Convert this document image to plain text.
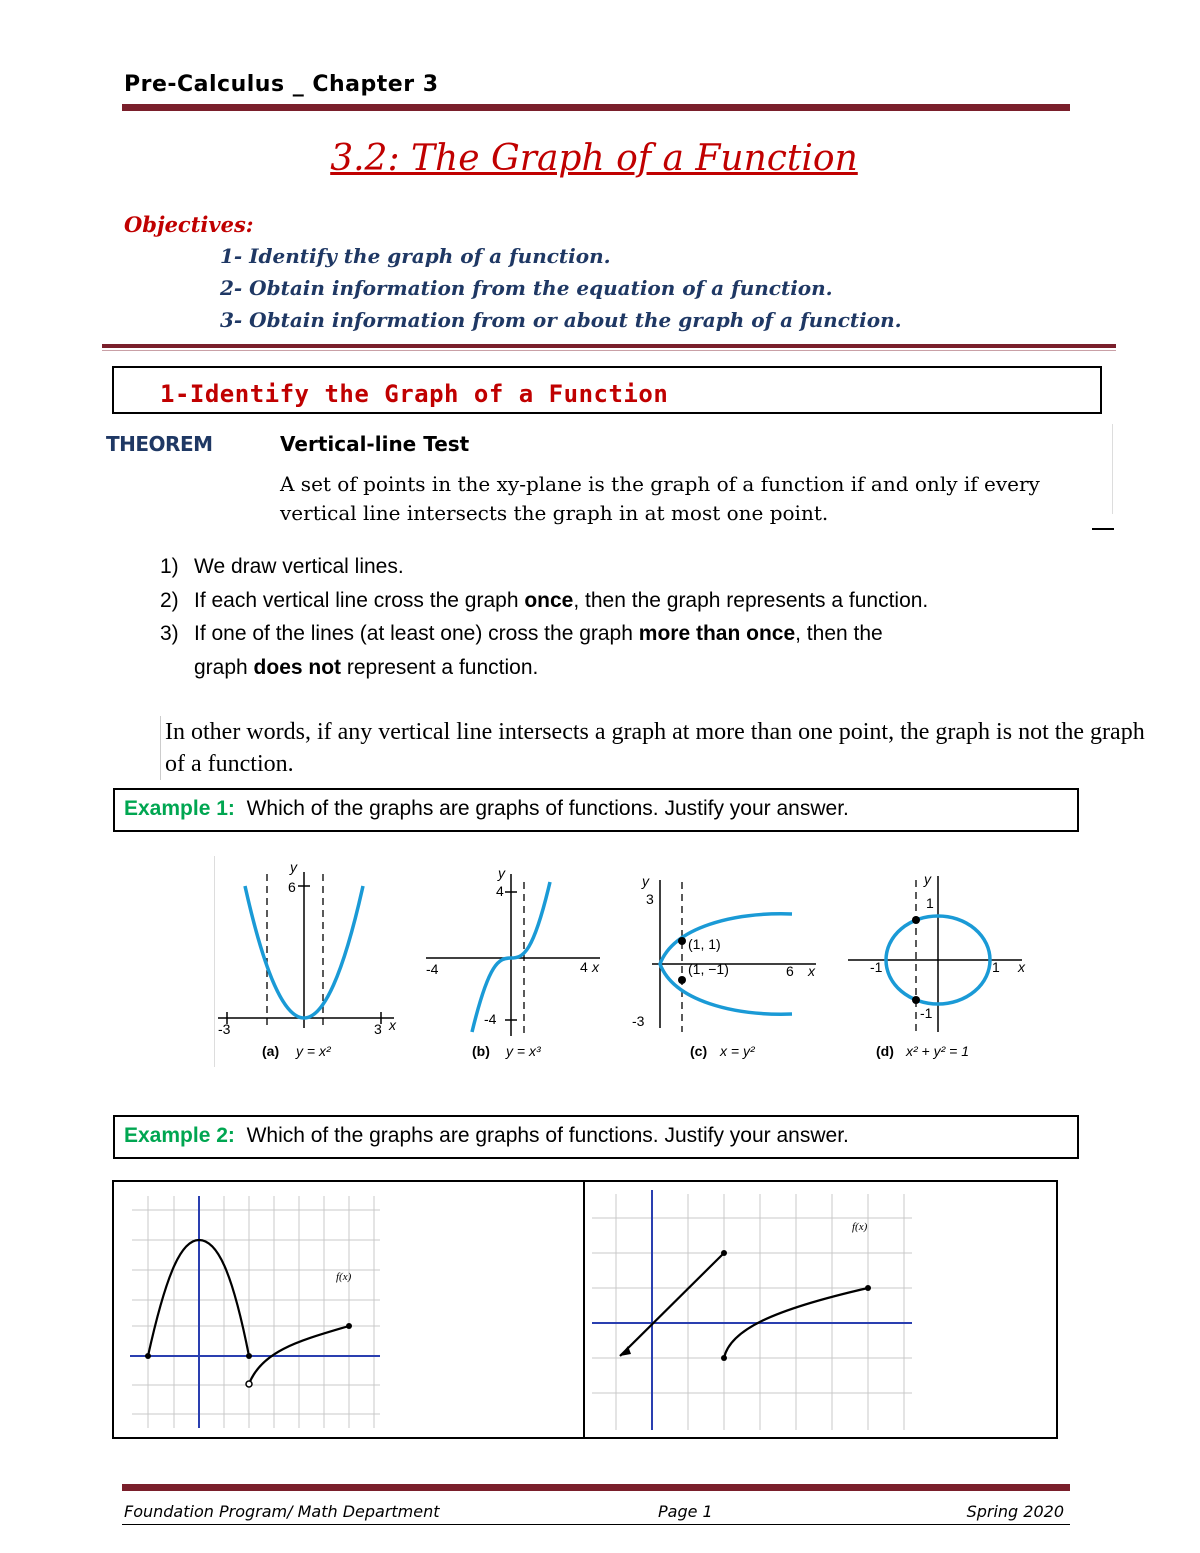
Pre-Calculus _ Chapter 3
3.2: The Graph of a Function
Objectives:
1- Identify the graph of a function.
2- Obtain information from the equation of a function.
3- Obtain information from or about the graph of a function.
1-Identify the Graph of a Function
THEOREM	Vertical-line Test
A set of points in the xy-plane is the graph of a function if and only if every vertical line intersects the graph in at most one point.
1) We draw vertical lines.
2) If each vertical line cross the graph once, then the graph represents a function.
3) If one of the lines (at least one) cross the graph more than once, then the
graph does not represent a function.
In other words, if any vertical line intersects a graph at more than one point, the graph is not the graph of a function.
Example 1: Which of the graphs are graphs of functions. Justify your answer.
y
6
-3	3 x
(a) y = x²
y
4
-4
-4	4 x
(b) y = x³
y
3
-3
6 x
(1, 1)
(1, −1)
(c) x = y²
y
1
-1
-1	1 x
(d) x² + y² = 1
Example 2: Which of the graphs are graphs of functions. Justify your answer.
f(x)
f(x)
Foundation Program/ Math Department	Page 1	Spring 2020
